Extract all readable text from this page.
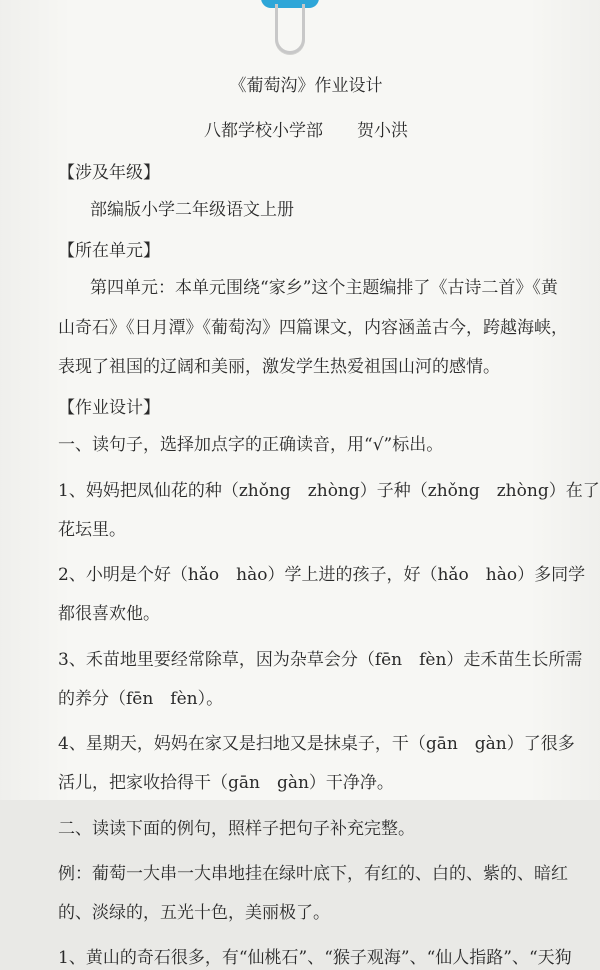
《葡萄沟》作业设计
八都学校小学部　　贺小洪
【涉及年级】
部编版小学二年级语文上册
【所在单元】
第四单元：本单元围绕“家乡”这个主题编排了《古诗二首》《黄
山奇石》《日月潭》《葡萄沟》四篇课文，内容涵盖古今，跨越海峡，
表现了祖国的辽阔和美丽，激发学生热爱祖国山河的感情。
【作业设计】
一、读句子，选择加点字的正确读音，用“√”标出。
1、妈妈把凤仙花的种（zhǒng　zhòng）子种（zhǒng　zhòng）在了
花坛里。
2、小明是个好（hǎo　hào）学上进的孩子，好（hǎo　hào）多同学
都很喜欢他。
3、禾苗地里要经常除草，因为杂草会分（fēn　fèn）走禾苗生长所需
的养分（fēn　fèn）。
4、星期天，妈妈在家又是扫地又是抹桌子，干（gān　gàn）了很多
活儿，把家收拾得干（gān　gàn）干净净。
二、读读下面的例句，照样子把句子补充完整。
例：葡萄一大串一大串地挂在绿叶底下，有红的、白的、紫的、暗红
的、淡绿的，五光十色，美丽极了。
1、黄山的奇石很多，有“仙桃石”、“猴子观海”、“仙人指路”、“天狗
